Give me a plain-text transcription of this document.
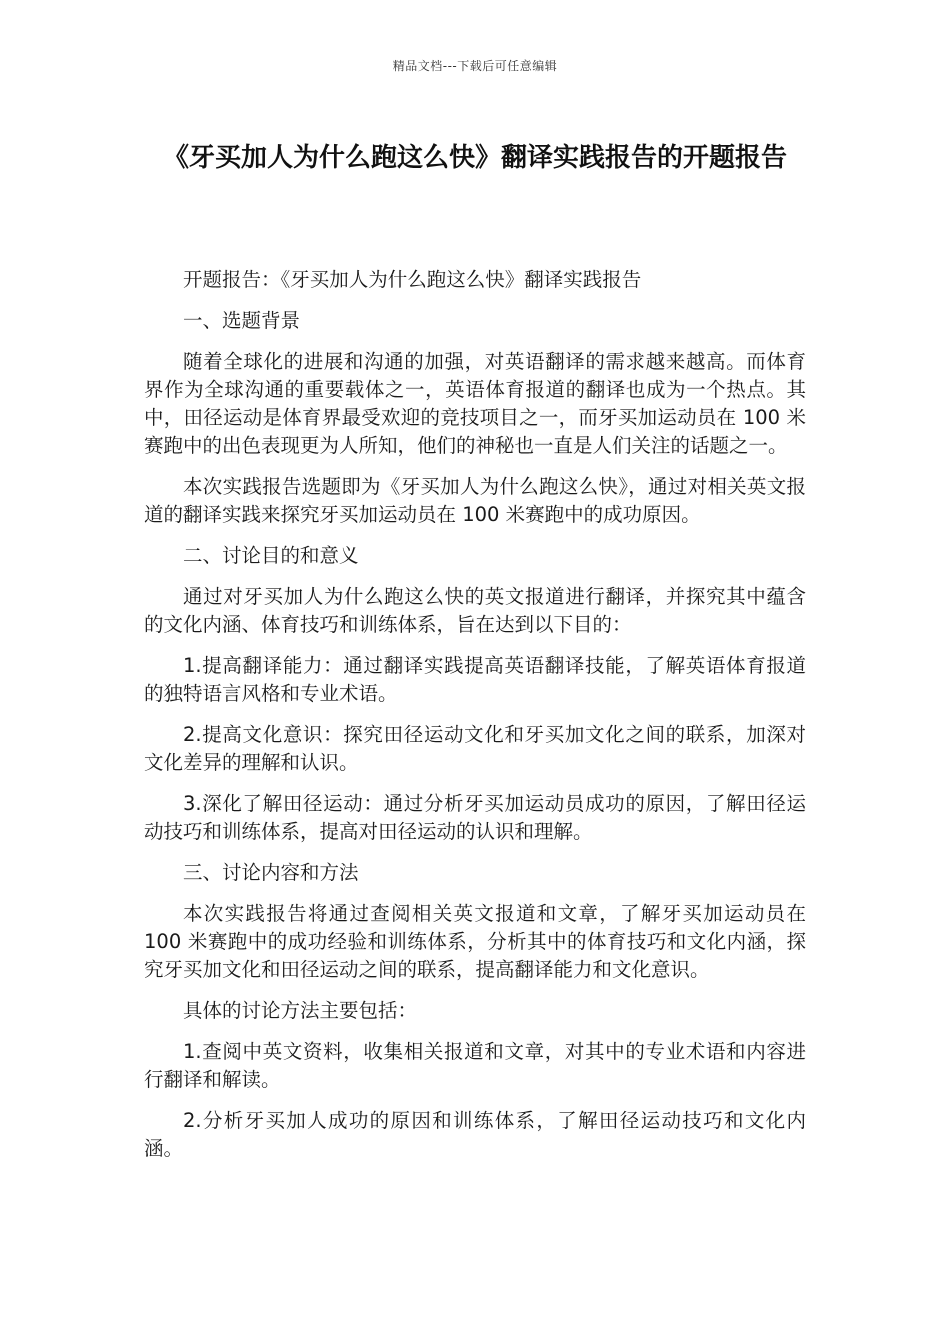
精品文档---下载后可任意编辑
《牙买加人为什么跑这么快》翻译实践报告的开题报告

开题报告：《牙买加人为什么跑这么快》翻译实践报告

一、选题背景

随着全球化的进展和沟通的加强，对英语翻译的需求越来越高。而体育界作为全球沟通的重要载体之一，英语体育报道的翻译也成为一个热点。其中，田径运动是体育界最受欢迎的竞技项目之一，而牙买加运动员在 100 米赛跑中的出色表现更为人所知，他们的神秘也一直是人们关注的话题之一。

本次实践报告选题即为《牙买加人为什么跑这么快》，通过对相关英文报道的翻译实践来探究牙买加运动员在 100 米赛跑中的成功原因。

二、讨论目的和意义

通过对牙买加人为什么跑这么快的英文报道进行翻译，并探究其中蕴含的文化内涵、体育技巧和训练体系，旨在达到以下目的：

1.提高翻译能力：通过翻译实践提高英语翻译技能，了解英语体育报道的独特语言风格和专业术语。

2.提高文化意识：探究田径运动文化和牙买加文化之间的联系，加深对文化差异的理解和认识。

3.深化了解田径运动：通过分析牙买加运动员成功的原因，了解田径运动技巧和训练体系，提高对田径运动的认识和理解。

三、讨论内容和方法

本次实践报告将通过查阅相关英文报道和文章，了解牙买加运动员在 100 米赛跑中的成功经验和训练体系，分析其中的体育技巧和文化内涵，探究牙买加文化和田径运动之间的联系，提高翻译能力和文化意识。

具体的讨论方法主要包括：

1.查阅中英文资料，收集相关报道和文章，对其中的专业术语和内容进行翻译和解读。

2.分析牙买加人成功的原因和训练体系，了解田径运动技巧和文化内涵。
